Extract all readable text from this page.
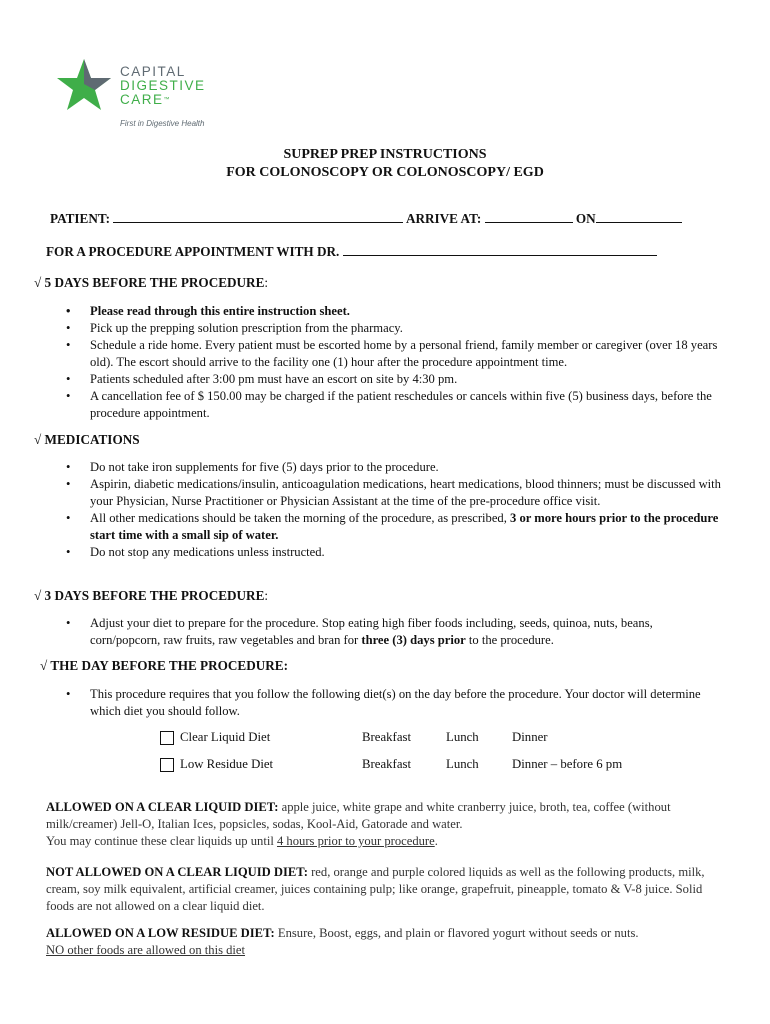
CAPITAL
DIGESTIVE
CARE™
First in Digestive Health
SUPREP PREP INSTRUCTIONS
FOR COLONOSCOPY OR COLONOSCOPY/ EGD
PATIENT:	ARRIVE AT:	ON
FOR A PROCEDURE APPOINTMENT WITH DR.
√ 5 DAYS BEFORE THE PROCEDURE:
• Please read through this entire instruction sheet.
• Pick up the prepping solution prescription from the pharmacy.
• Schedule a ride home. Every patient must be escorted home by a personal friend, family member or caregiver (over 18 years old). The escort should arrive to the facility one (1) hour after the procedure appointment time.
• Patients scheduled after 3:00 pm must have an escort on site by 4:30 pm.
• A cancellation fee of $ 150.00 may be charged if the patient reschedules or cancels within five (5) business days, before the procedure appointment.
√ MEDICATIONS
• Do not take iron supplements for five (5) days prior to the procedure.
• Aspirin, diabetic medications/insulin, anticoagulation medications, heart medications, blood thinners; must be discussed with your Physician, Nurse Practitioner or Physician Assistant at the time of the pre-procedure office visit.
• All other medications should be taken the morning of the procedure, as prescribed, 3 or more hours prior to the procedure start time with a small sip of water.
• Do not stop any medications unless instructed.
√ 3 DAYS BEFORE THE PROCEDURE:
• Adjust your diet to prepare for the procedure. Stop eating high fiber foods including, seeds, quinoa, nuts, beans, corn/popcorn, raw fruits, raw vegetables and bran for three (3) days prior to the procedure.
√ THE DAY BEFORE THE PROCEDURE:
• This procedure requires that you follow the following diet(s) on the day before the procedure. Your doctor will determine which diet you should follow.
Clear Liquid Diet	Breakfast	Lunch	Dinner
Low Residue Diet	Breakfast	Lunch	Dinner – before 6 pm
ALLOWED ON A CLEAR LIQUID DIET: apple juice, white grape and white cranberry juice, broth, tea, coffee (without milk/creamer) Jell-O, Italian Ices, popsicles, sodas, Kool-Aid, Gatorade and water.
You may continue these clear liquids up until 4 hours prior to your procedure.
NOT ALLOWED ON A CLEAR LIQUID DIET: red, orange and purple colored liquids as well as the following products, milk, cream, soy milk equivalent, artificial creamer, juices containing pulp; like orange, grapefruit, pineapple, tomato & V-8 juice. Solid foods are not allowed on a clear liquid diet.
ALLOWED ON A LOW RESIDUE DIET: Ensure, Boost, eggs, and plain or flavored yogurt without seeds or nuts.
NO other foods are allowed on this diet
